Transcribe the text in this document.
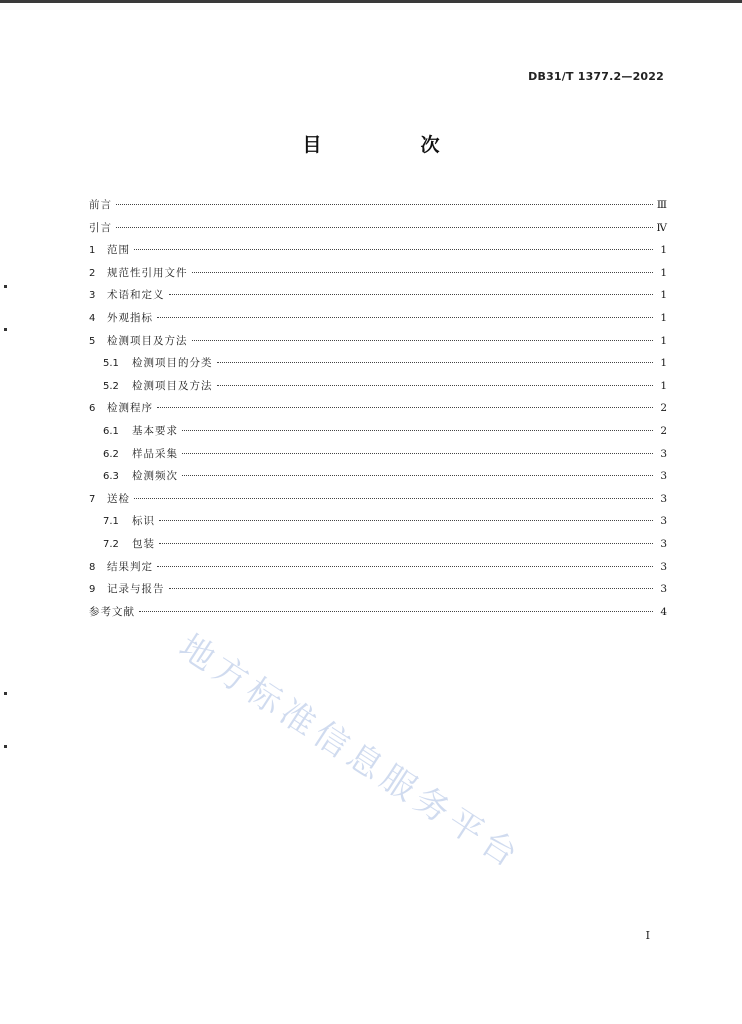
DB31/T 1377.2—2022
目　次
前言	Ⅲ
引言	Ⅳ
1	范围	1
2	规范性引用文件	1
3	术语和定义	1
4	外观指标	1
5	检测项目及方法	1
5.1	检测项目的分类	1
5.2	检测项目及方法	1
6	检测程序	2
6.1	基本要求	2
6.2	样品采集	3
6.3	检测频次	3
7	送检	3
7.1	标识	3
7.2	包装	3
8	结果判定	3
9	记录与报告	3
参考文献	4
地方标准信息服务平台
I
